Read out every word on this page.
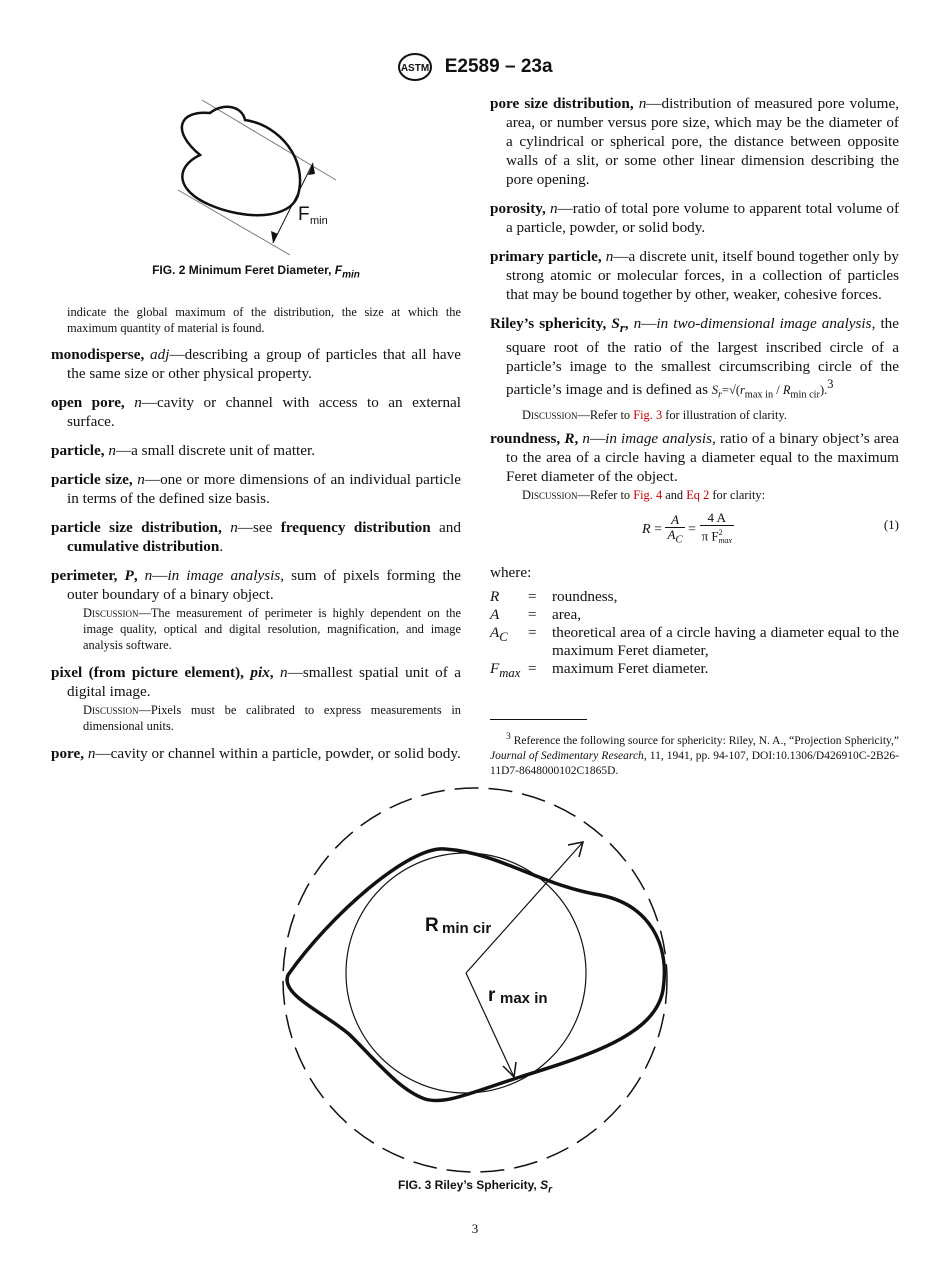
ASTM E2589 – 23a
F min
FIG. 2 Minimum Feret Diameter, $F_{min}$

indicate the global maximum of the distribution, the size at which the maximum quantity of material is found.

monodisperse, adj—describing a group of particles that all have the same size or other physical property.

open pore, n—cavity or channel with access to an external surface.

particle, n—a small discrete unit of matter.

particle size, n—one or more dimensions of an individual particle in terms of the defined size basis.

particle size distribution, n—see frequency distribution and cumulative distribution.

perimeter, P, n—in image analysis, sum of pixels forming the outer boundary of a binary object.

Discussion—The measurement of perimeter is highly dependent on the image quality, optical and digital resolution, magnification, and image analysis software.

pixel (from picture element), pix, n—smallest spatial unit of a digital image.

Discussion—Pixels must be calibrated to express measurements in dimensional units.

pore, n—cavity or channel within a particle, powder, or solid body.

pore size distribution, n—distribution of measured pore volume, area, or number versus pore size, which may be the diameter of a cylindrical or spherical pore, the distance between opposite walls of a slit, or some other linear dimension describing the pore opening.

porosity, n—ratio of total pore volume to apparent total volume of a particle, powder, or solid body.

primary particle, n—a discrete unit, itself bound together only by strong atomic or molecular forces, in a collection of particles that may be bound together by other, weaker, cohesive forces.

Riley’s sphericity, $S_r$, n—in two-dimensional image analysis, the square root of the ratio of the largest inscribed circle of a particle’s image to the smallest circumscribing circle of the particle’s image and is defined as $S_r=√(r_{max in} / R_{min cir}).^3$

Discussion—Refer to Fig. 3 for illustration of clarity.

roundness, R, n—in image analysis, ratio of a binary object’s area to the area of a circle having a diameter equal to the maximum Feret diameter of the object.

Discussion—Refer to Fig. 4 and Eq 2 for clarity:

$R = \frac{A}{A_C} = \frac{4 A}{\pi F^2_{max}}$	(1)

where:

R	=	roundness,
A	=	area,
$A_C$	=	theoretical area of a circle having a diameter equal to the maximum Feret diameter,
$F_{max}$ =	maximum Feret diameter.

$^3$ Reference the following source for sphericity: Riley, N. A., “Projection Sphericity,” Journal of Sedimentary Research, 11, 1941, pp. 94-107, DOI:10.1306/D426910C-2B26-11D7-8648000102C1865D.

R min cir
r max in
FIG. 3 Riley’s Sphericity, $S_r$
3
